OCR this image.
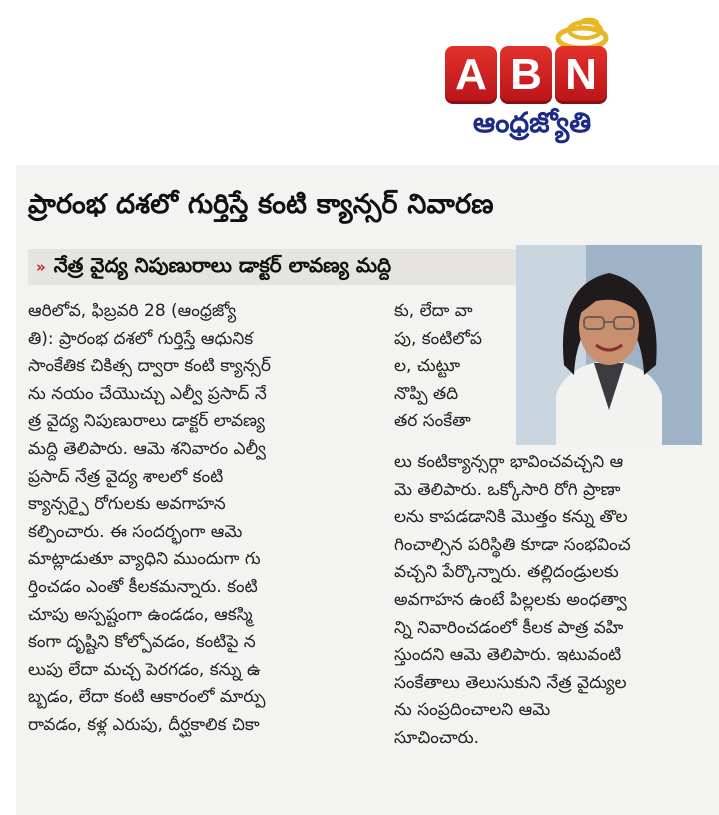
A B N
ఆంధ్రజ్యోతి
ప్రారంభ దశలో గుర్తిస్తే కంటి క్యాన్సర్ నివారణ
» నేత్ర వైద్య నిపుణురాలు డాక్టర్ లావణ్య మద్ది
ఆరిలోవ, ఫిబ్రవరి 28 (ఆంధ్రజ్యో
తి): ప్రారంభ దశలో గుర్తిస్తే ఆధునిక
సాంకేతిక చికిత్స ద్వారా కంటి క్యాన్సర్
ను నయం చేయొచ్చు ఎల్వీ ప్రసాద్ నే
త్ర వైద్య నిపుణురాలు డాక్టర్ లావణ్య
మద్ది తెలిపారు. ఆమె శనివారం ఎల్వీ
ప్రసాద్ నేత్ర వైద్య శాలలో కంటి
క్యాన్సర్పై రోగులకు అవగాహన
కల్పించారు. ఈ సందర్భంగా ఆమె
మాట్లాడుతూ వ్యాధిని ముందుగా గు
ర్తించడం ఎంతో కీలకమన్నారు. కంటి
చూపు అస్పష్టంగా ఉండడం, ఆకస్మి
కంగా దృష్టిని కోల్పోవడం, కంటిపై న
లుపు లేదా మచ్చ పెరగడం, కన్ను ఉ
బ్బడం, లేదా కంటి ఆకారంలో మార్పు
రావడం, కళ్ల ఎరుపు, దీర్ఘకాలిక చికా
కు, లేదా వా
పు, కంటిలోప
ల, చుట్టూ
నొప్పి తది
తర సంకేతా
లు కంటిక్యాన్సర్గా భావించవచ్చని ఆ
మె తెలిపారు. ఒక్కోసారి రోగి ప్రాణా
లను కాపడడానికి మొత్తం కన్ను తొల
గించాల్సిన పరిస్థితి కూడా సంభవించ
వచ్చని పేర్కొన్నారు. తల్లిదండ్రులకు
అవగాహన ఉంటే పిల్లలకు అంధత్వా
న్ని నివారించడంలో కీలక పాత్ర వహి
స్తుందని ఆమె తెలిపారు. ఇటువంటి
సంకేతాలు తెలుసుకుని నేత్ర వైద్యుల
ను సంప్రదించాలని ఆమె
సూచించారు.
